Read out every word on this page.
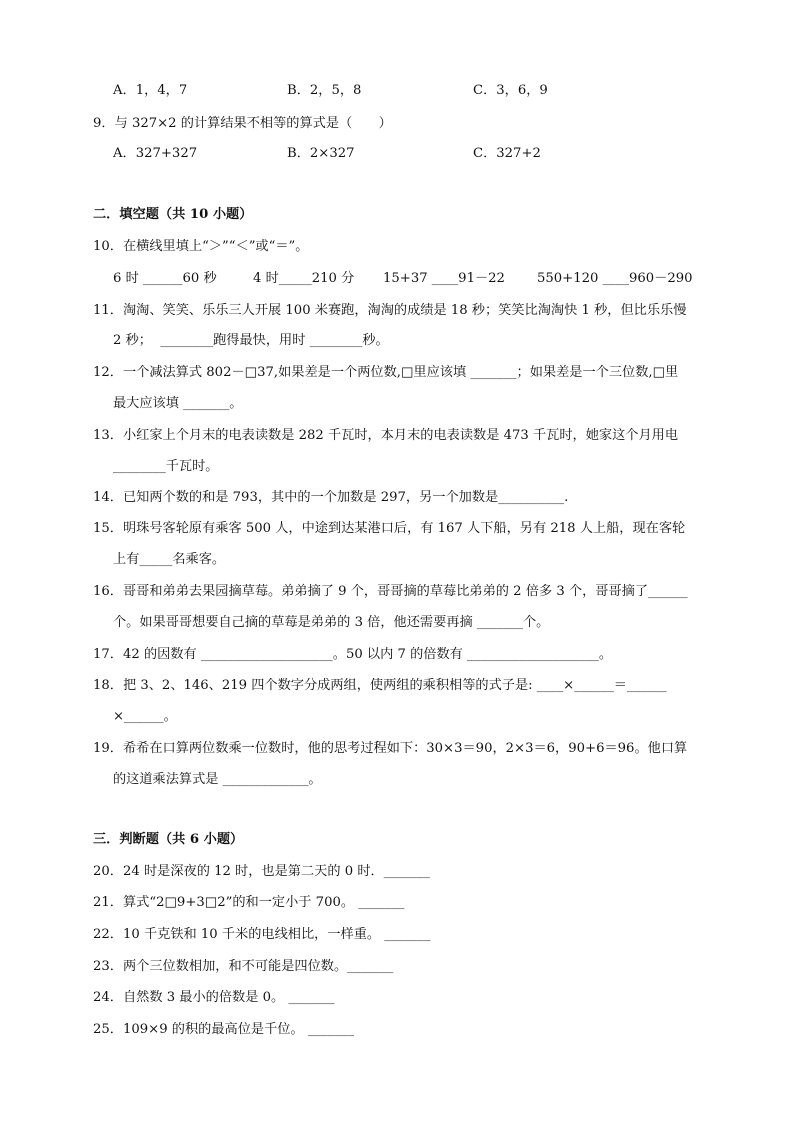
A．1，4，7	B．2，5，8	C．3，6，9
9．与 327×2 的计算结果不相等的算式是（　　）
A．327+327	B．2×327	C．327+2
二．填空题（共 10 小题）
10．在横线里填上“＞”“＜”或“＝”。
6 时 ______60 秒	4 时_____210 分 15+37 ____91－22 550+120 ____960－290
11．淘淘、笑笑、乐乐三人开展 100 米赛跑，淘淘的成绩是 18 秒；笑笑比淘淘快 1 秒，但比乐乐慢
2 秒；  ________跑得最快，用时 ________秒。
12．一个减法算式 802－□37,如果差是一个两位数,□里应该填 _______；如果差是一个三位数,□里
最大应该填 _______。
13．小红家上个月末的电表读数是 282 千瓦时，本月末的电表读数是 473 千瓦时，她家这个月用电
________千瓦时。
14．已知两个数的和是 793，其中的一个加数是 297，另一个加数是__________.
15．明珠号客轮原有乘客 500 人，中途到达某港口后，有 167 人下船，另有 218 人上船，现在客轮
上有_____名乘客。
16．哥哥和弟弟去果园摘草莓。弟弟摘了 9 个，哥哥摘的草莓比弟弟的 2 倍多 3 个，哥哥摘了______
个。如果哥哥想要自己摘的草莓是弟弟的 3 倍，他还需要再摘 _______个。
17．42 的因数有 ____________________。50 以内 7 的倍数有 ____________________。
18．把 3、2、146、219 四个数字分成两组，使两组的乘积相等的式子是: ____×______＝______
×______。
19．希希在口算两位数乘一位数时，他的思考过程如下：30×3＝90，2×3＝6，90+6＝96。他口算
的这道乘法算式是 _____________。
三．判断题（共 6 小题）
20．24 时是深夜的 12 时，也是第二天的 0 时．_______
21．算式“2□9+3□2”的和一定小于 700。 _______
22．10 千克铁和 10 千米的电线相比，一样重。 _______
23．两个三位数相加，和不可能是四位数。_______
24．自然数 3 最小的倍数是 0。 _______
25．109×9 的积的最高位是千位。 _______
